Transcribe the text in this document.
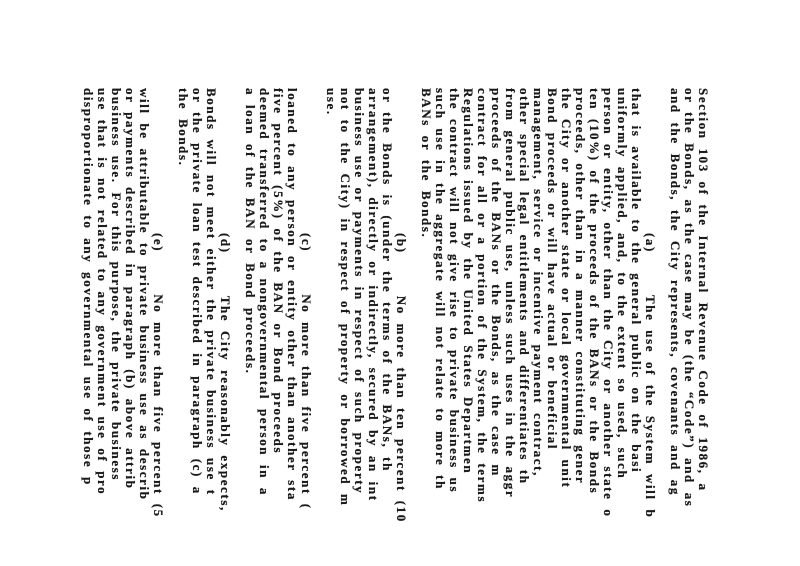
Section 103 of the Internal Revenue Code of 1986, a
or the Bonds, as the case may be (the “Code”) and as
and the Bonds, the City represents, covenants and ag
(a)The use of the System will b
that is available to the general public on the basi
uniformly applied, and, to the extent so used, such
person or entity, other than the City or another state o
ten (10%) of the proceeds of the BANs or the Bonds
proceeds, other than in a manner constituting gener
the City or another state or local governmental unit
Bond proceeds or will have actual or beneficial
management, service or incentive payment contract,
other special legal entitlements and differentiates th
from general public use, unless such uses in the aggr
proceeds of the BANs or the Bonds, as the case m
contract for all or a portion of the System, the terms
Regulations issued by the United States Departmen
the contract will not give rise to private business us
such use in the aggregate will not relate to more th
BANs or the Bonds.
(b)No more than ten percent (10
or the Bonds is (under the terms of the BANs, th
arrangement), directly or indirectly, secured by an int
business use or payments in respect of such property
not to the City) in respect of property or borrowed m
use.
(c)No more than five percent (
loaned to any person or entity other than another sta
five percent (5%) of the BAN or Bond proceeds
deemed transferred to a nongovernmental person in a
a loan of the BAN or Bond proceeds.
(d)The City reasonably expects,
Bonds will not meet either the private business use t
or the private loan test described in paragraph (c) a
the Bonds.
(e)No more than five percent (5
will be attributable to private business use as describ
or payments described in paragraph (b) above attrib
business use. For this purpose, the private business
use that is not related to any government use of pro
disproportionate to any governmental use of those p
